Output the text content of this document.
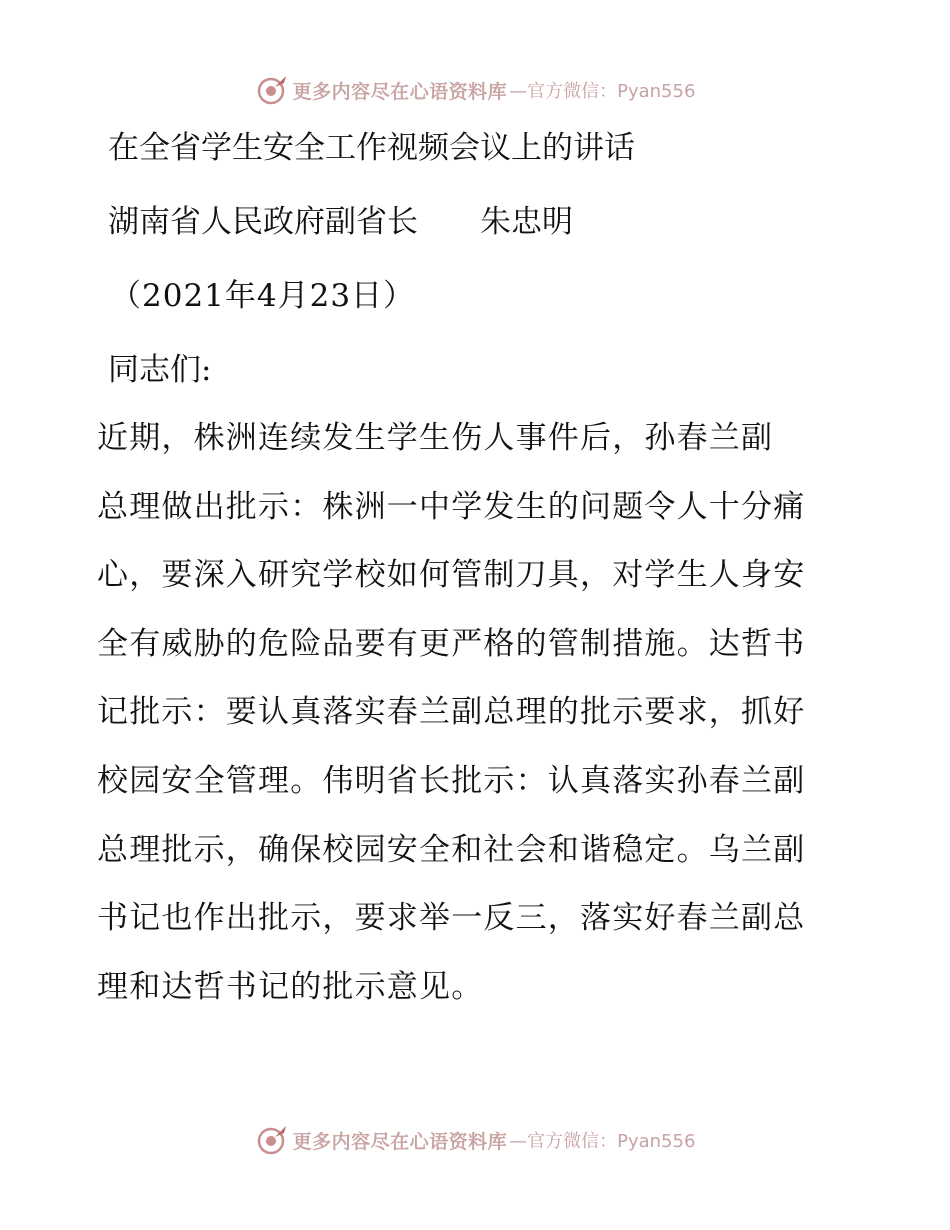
更多内容尽在心语资料库 —官方微信：Pyan556
在全省学生安全工作视频会议上的讲话
湖南省人民政府副省长　　朱忠明
（2021年4月23日）
同志们:
近期，株洲连续发生学生伤人事件后，孙春兰副
总理做出批示：株洲一中学发生的问题令人十分痛
心，要深入研究学校如何管制刀具，对学生人身安
全有威胁的危险品要有更严格的管制措施。达哲书
记批示：要认真落实春兰副总理的批示要求，抓好
校园安全管理。伟明省长批示：认真落实孙春兰副
总理批示，确保校园安全和社会和谐稳定。乌兰副
书记也作出批示，要求举一反三，落实好春兰副总
理和达哲书记的批示意见。
更多内容尽在心语资料库 —官方微信：Pyan556
